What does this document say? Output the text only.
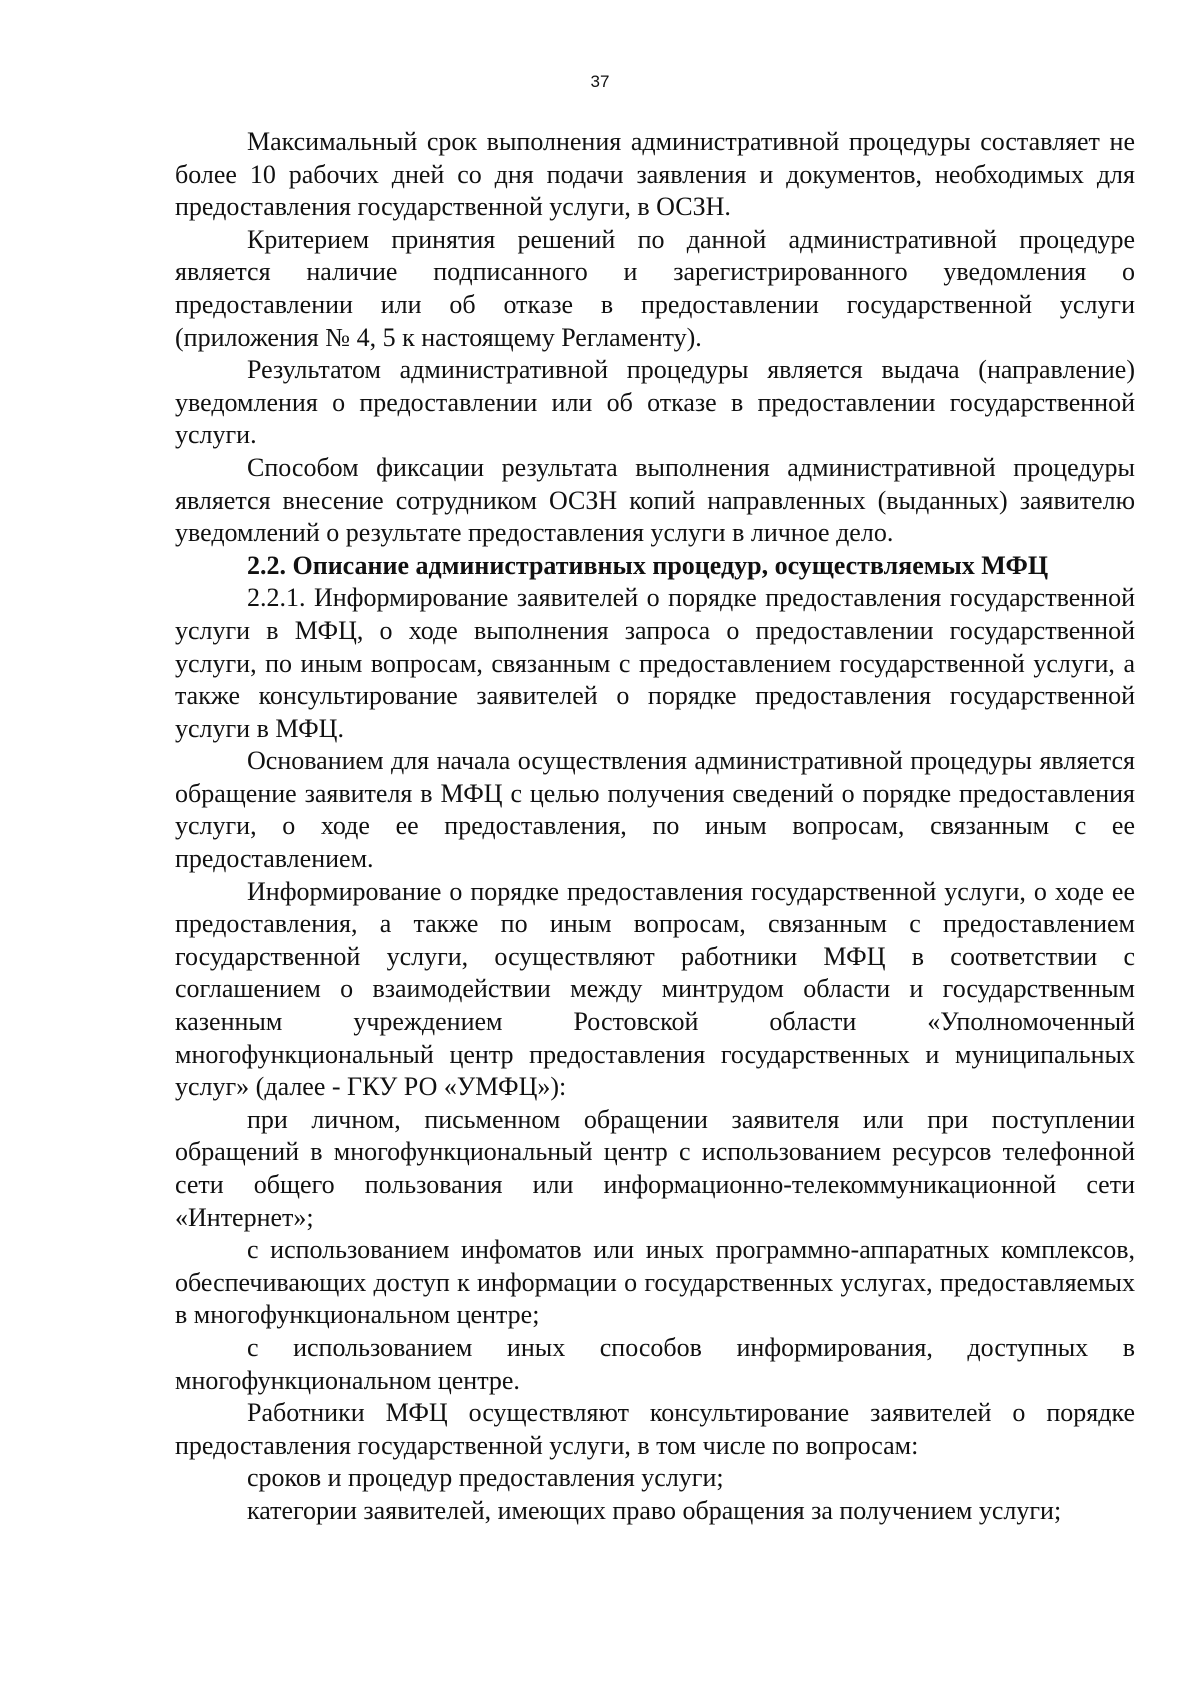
37

Максимальный срок выполнения административной процедуры составляет не более 10 рабочих дней со дня подачи заявления и документов, необходимых для предоставления государственной услуги, в ОСЗН.

Критерием принятия решений по данной административной процедуре является наличие подписанного и зарегистрированного уведомления о предоставлении или об отказе в предоставлении государственной услуги (приложения № 4, 5 к настоящему Регламенту).

Результатом административной процедуры является выдача (направление) уведомления о предоставлении или об отказе в предоставлении государственной услуги.

Способом фиксации результата выполнения административной процедуры является внесение сотрудником ОСЗН копий направленных (выданных) заявителю уведомлений о результате предоставления услуги в личное дело.

2.2. Описание административных процедур, осуществляемых МФЦ

2.2.1. Информирование заявителей о порядке предоставления государственной услуги в МФЦ, о ходе выполнения запроса о предоставлении государственной услуги, по иным вопросам, связанным с предоставлением государственной услуги, а также консультирование заявителей о порядке предоставления государственной услуги в МФЦ.

Основанием для начала осуществления административной процедуры является обращение заявителя в МФЦ с целью получения сведений о порядке предоставления услуги, о ходе ее предоставления, по иным вопросам, связанным с ее предоставлением.

Информирование о порядке предоставления государственной услуги, о ходе ее предоставления, а также по иным вопросам, связанным с предоставлением государственной услуги, осуществляют работники МФЦ в соответствии с соглашением о взаимодействии между минтрудом области и государственным казенным учреждением Ростовской области «Уполномоченный многофункциональный центр предоставления государственных и муниципальных услуг» (далее - ГКУ РО «УМФЦ»):

при личном, письменном обращении заявителя или при поступлении обращений в многофункциональный центр с использованием ресурсов телефонной сети общего пользования или информационно-телекоммуникационной сети «Интернет»;

с использованием инфоматов или иных программно-аппаратных комплексов, обеспечивающих доступ к информации о государственных услугах, предоставляемых в многофункциональном центре;

с использованием иных способов информирования, доступных в многофункциональном центре.

Работники МФЦ осуществляют консультирование заявителей о порядке предоставления государственной услуги, в том числе по вопросам:

сроков и процедур предоставления услуги;

категории заявителей, имеющих право обращения за получением услуги;
